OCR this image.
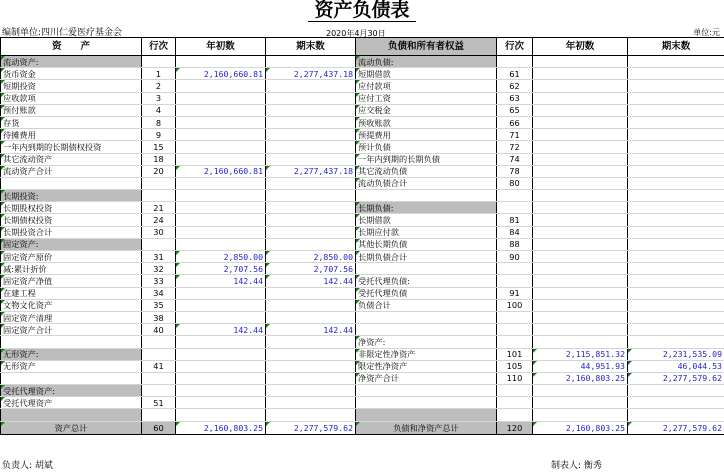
资产负债表
编制单位:四川仁爱医疗基金会	2020年4月30日	单位:元
资　　产	行次	年初数	期末数	负债和所有者权益	行次	年初数	期末数
流动资产:				流动负债:			
货币资金	1	2,160,660.81	2,277,437.18	短期借款	61		
短期投资	2			应付款项	62		
应收款项	3			应付工资	63		
预付账款	4			应交税金	65		
存货	8			预收账款	66		
待摊费用	9			预提费用	71		
一年内到期的长期债权投资	15			预计负债	72		
其它流动资产	18			一年内到期的长期负债	74		
流动资产合计	20	2,160,660.81	2,277,437.18	其它流动负债	78		
				流动负债合计	80		
长期投资:							
长期股权投资	21			长期负债:			
长期债权投资	24			长期借款	81		
长期投资合计	30			长期应付款	84		
固定资产:				其他长期负债	88		
固定资产原价	31	2,850.00	2,850.00	长期负债合计	90		
减:累计折价	32	2,707.56	2,707.56				
固定资产净值	33	142.44	142.44	受托代理负债:			
在建工程	34			受托代理负债	91		
文物文化资产	35			负债合计	100		
固定资产清理	38						
固定资产合计	40	142.44	142.44				
				净资产:			
无形资产:				非限定性净资产	101	2,115,851.32	2,231,535.09
无形资产	41			限定性净资产	105	44,951.93	46,044.53
				净资产合计	110	2,160,803.25	2,277,579.62
受托代理资产:							
受托代理资产	51						

资产总计	60	2,160,803.25	2,277,579.62	负债和净资产总计	120	2,160,803.25	2,277,579.62
负责人: 胡斌	制表人: 衡秀
